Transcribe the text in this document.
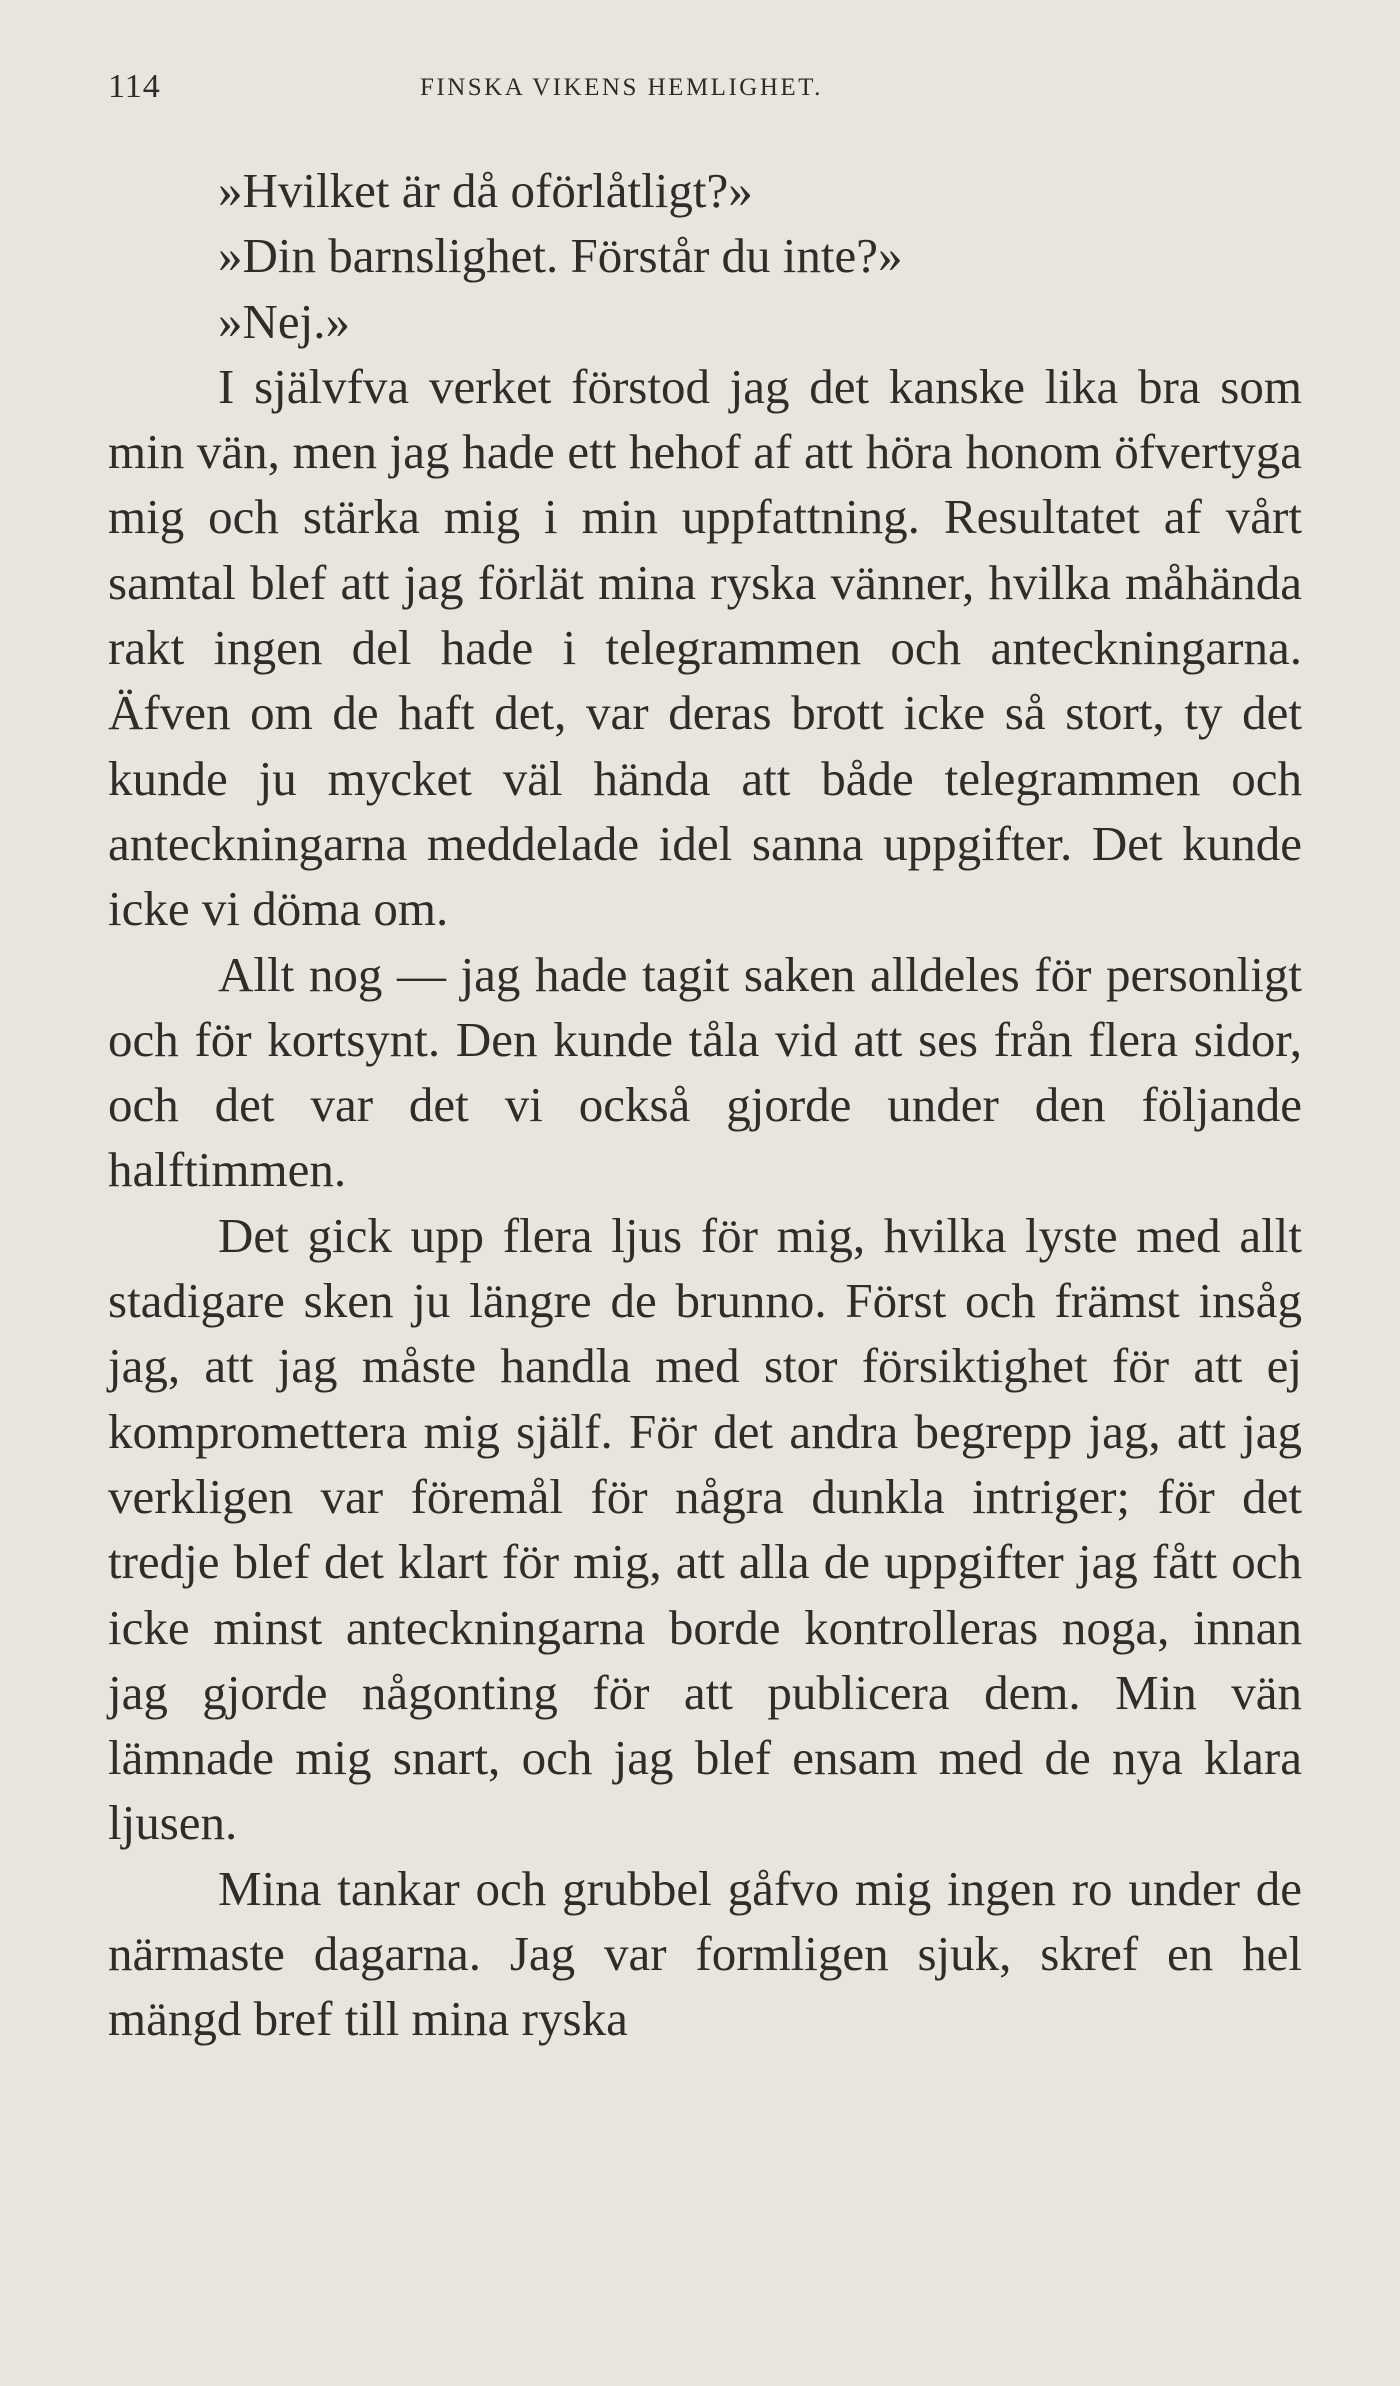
114	FINSKA VIKENS HEMLIGHET.

»Hvilket är då oförlåtligt?»

»Din barnslighet. Förstår du inte?»

»Nej.»

I självfva verket förstod jag det kanske lika bra som min vän, men jag hade ett hehof af att höra honom öfvertyga mig och stärka mig i min uppfattning. Resultatet af vårt samtal blef att jag förlät mina ryska vänner, hvilka måhända rakt ingen del hade i telegrammen och anteckningarna. Äfven om de haft det, var deras brott icke så stort, ty det kunde ju mycket väl hända att både telegrammen och anteckningarna meddelade idel sanna uppgifter. Det kunde icke vi döma om.

Allt nog — jag hade tagit saken alldeles för personligt och för kortsynt. Den kunde tåla vid att ses från flera sidor, och det var det vi också gjorde under den följande halftimmen.

Det gick upp flera ljus för mig, hvilka lyste med allt stadigare sken ju längre de brunno. Först och främst insåg jag, att jag måste handla med stor försiktighet för att ej kompromettera mig själf. För det andra begrepp jag, att jag verkligen var föremål för några dunkla intriger; för det tredje blef det klart för mig, att alla de uppgifter jag fått och icke minst anteckningarna borde kontrolleras noga, innan jag gjorde någonting för att publicera dem. Min vän lämnade mig snart, och jag blef ensam med de nya klara ljusen.

Mina tankar och grubbel gåfvo mig ingen ro under de närmaste dagarna. Jag var formligen sjuk, skref en hel mängd bref till mina ryska
